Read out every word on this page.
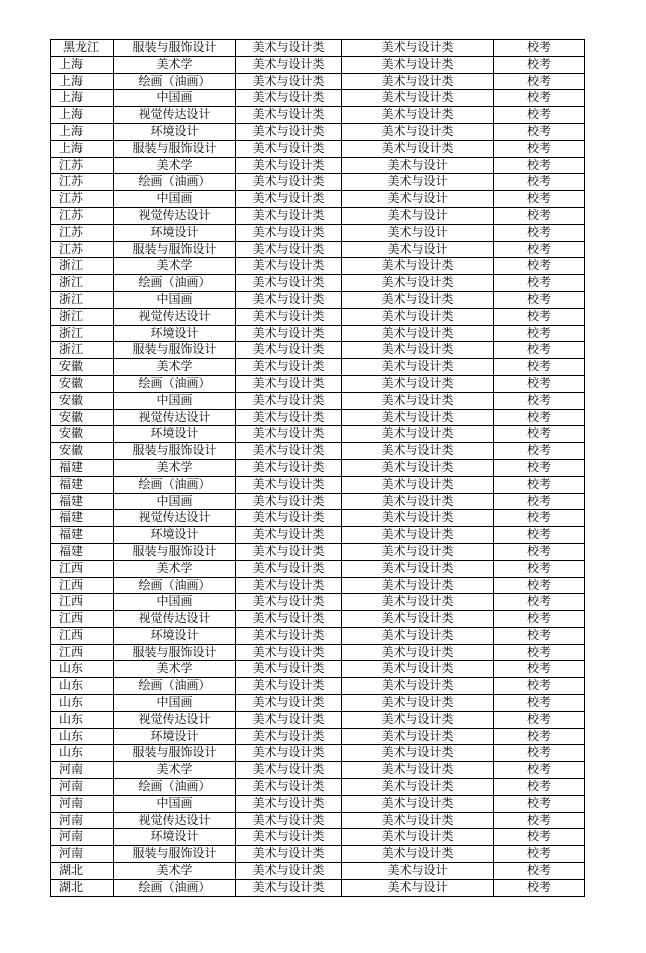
黑龙江	服装与服饰设计	美术与设计类	美术与设计类	校考
上海	美术学	美术与设计类	美术与设计类	校考
上海	绘画（油画）	美术与设计类	美术与设计类	校考
上海	中国画	美术与设计类	美术与设计类	校考
上海	视觉传达设计	美术与设计类	美术与设计类	校考
上海	环境设计	美术与设计类	美术与设计类	校考
上海	服装与服饰设计	美术与设计类	美术与设计类	校考
江苏	美术学	美术与设计类	美术与设计	校考
江苏	绘画（油画）	美术与设计类	美术与设计	校考
江苏	中国画	美术与设计类	美术与设计	校考
江苏	视觉传达设计	美术与设计类	美术与设计	校考
江苏	环境设计	美术与设计类	美术与设计	校考
江苏	服装与服饰设计	美术与设计类	美术与设计	校考
浙江	美术学	美术与设计类	美术与设计类	校考
浙江	绘画（油画）	美术与设计类	美术与设计类	校考
浙江	中国画	美术与设计类	美术与设计类	校考
浙江	视觉传达设计	美术与设计类	美术与设计类	校考
浙江	环境设计	美术与设计类	美术与设计类	校考
浙江	服装与服饰设计	美术与设计类	美术与设计类	校考
安徽	美术学	美术与设计类	美术与设计类	校考
安徽	绘画（油画）	美术与设计类	美术与设计类	校考
安徽	中国画	美术与设计类	美术与设计类	校考
安徽	视觉传达设计	美术与设计类	美术与设计类	校考
安徽	环境设计	美术与设计类	美术与设计类	校考
安徽	服装与服饰设计	美术与设计类	美术与设计类	校考
福建	美术学	美术与设计类	美术与设计类	校考
福建	绘画（油画）	美术与设计类	美术与设计类	校考
福建	中国画	美术与设计类	美术与设计类	校考
福建	视觉传达设计	美术与设计类	美术与设计类	校考
福建	环境设计	美术与设计类	美术与设计类	校考
福建	服装与服饰设计	美术与设计类	美术与设计类	校考
江西	美术学	美术与设计类	美术与设计类	校考
江西	绘画（油画）	美术与设计类	美术与设计类	校考
江西	中国画	美术与设计类	美术与设计类	校考
江西	视觉传达设计	美术与设计类	美术与设计类	校考
江西	环境设计	美术与设计类	美术与设计类	校考
江西	服装与服饰设计	美术与设计类	美术与设计类	校考
山东	美术学	美术与设计类	美术与设计类	校考
山东	绘画（油画）	美术与设计类	美术与设计类	校考
山东	中国画	美术与设计类	美术与设计类	校考
山东	视觉传达设计	美术与设计类	美术与设计类	校考
山东	环境设计	美术与设计类	美术与设计类	校考
山东	服装与服饰设计	美术与设计类	美术与设计类	校考
河南	美术学	美术与设计类	美术与设计类	校考
河南	绘画（油画）	美术与设计类	美术与设计类	校考
河南	中国画	美术与设计类	美术与设计类	校考
河南	视觉传达设计	美术与设计类	美术与设计类	校考
河南	环境设计	美术与设计类	美术与设计类	校考
河南	服装与服饰设计	美术与设计类	美术与设计类	校考
湖北	美术学	美术与设计类	美术与设计	校考
湖北	绘画（油画）	美术与设计类	美术与设计	校考
